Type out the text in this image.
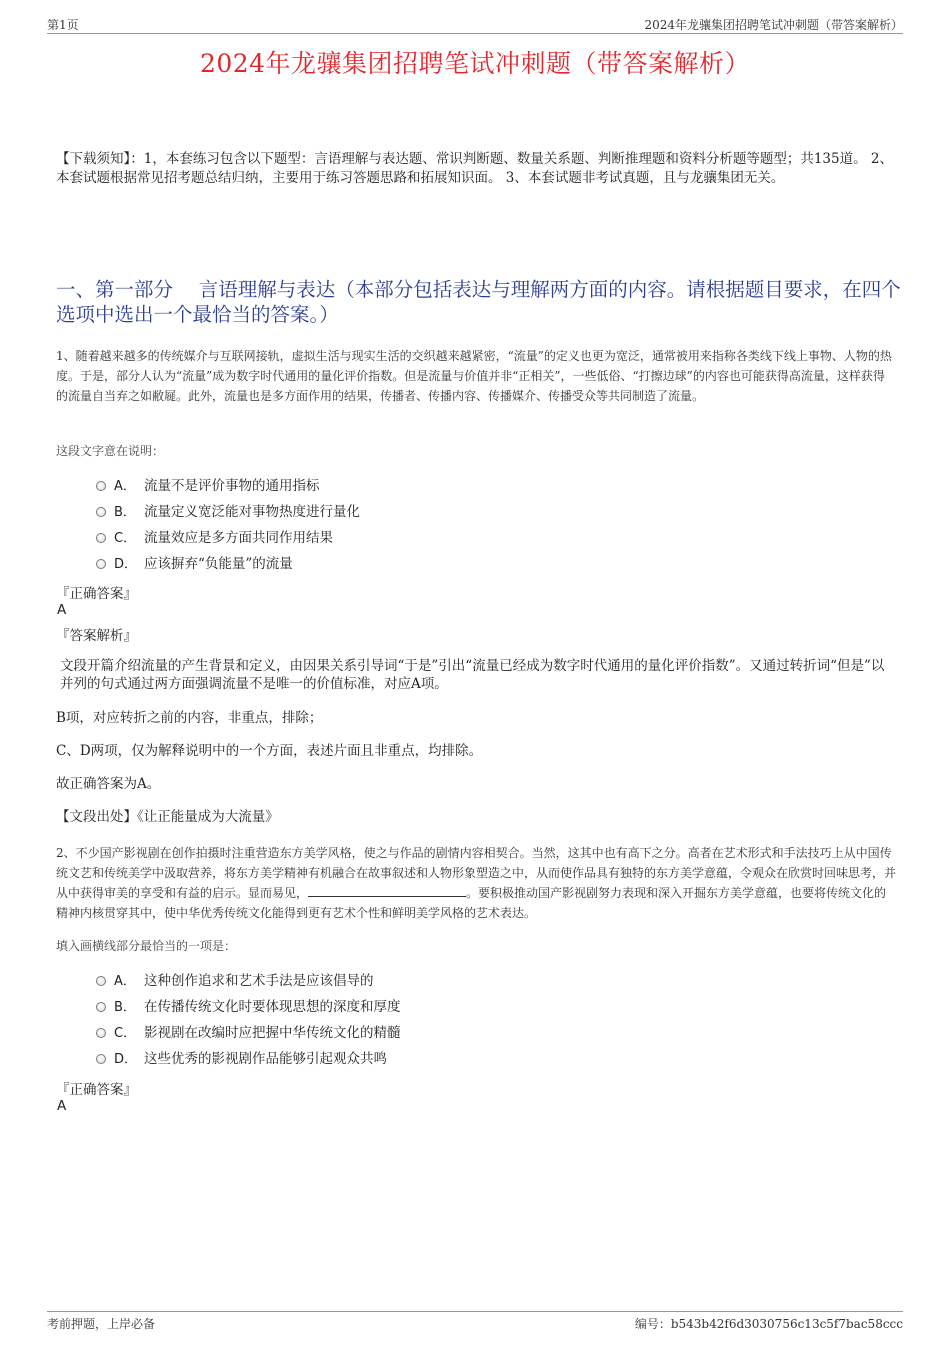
第1页	2024年龙骧集团招聘笔试冲刺题（带答案解析）
2024年龙骧集团招聘笔试冲刺题（带答案解析）
【下载须知】：1，本套练习包含以下题型：言语理解与表达题、常识判断题、数量关系题、判断推理题和资料分析题等题型；共135道。 2、本套试题根据常见招考题总结归纳，主要用于练习答题思路和拓展知识面。 3、本套试题非考试真题，且与龙骧集团无关。
一、第一部分　 言语理解与表达（本部分包括表达与理解两方面的内容。请根据题目要求，在四个选项中选出一个最恰当的答案。）
1、随着越来越多的传统媒介与互联网接轨，虚拟生活与现实生活的交织越来越紧密，“流量”的定义也更为宽泛，通常被用来指称各类线下线上事物、人物的热度。于是，部分人认为“流量”成为数字时代通用的量化评价指数。但是流量与价值并非“正相关”，一些低俗、“打擦边球”的内容也可能获得高流量，这样获得的流量自当弃之如敝屣。此外，流量也是多方面作用的结果，传播者、传播内容、传播媒介、传播受众等共同制造了流量。
这段文字意在说明：
A． 流量不是评价事物的通用指标
B． 流量定义宽泛能对事物热度进行量化
C． 流量效应是多方面共同作用结果
D． 应该摒弃“负能量”的流量
『正确答案』
A
『答案解析』
文段开篇介绍流量的产生背景和定义，由因果关系引导词“于是”引出“流量已经成为数字时代通用的量化评价指数”。又通过转折词“但是”以并列的句式通过两方面强调流量不是唯一的价值标准，对应A项。
B项，对应转折之前的内容，非重点，排除；
C、D两项，仅为解释说明中的一个方面，表述片面且非重点，均排除。
故正确答案为A。
【文段出处】《让正能量成为大流量》
2、不少国产影视剧在创作拍摄时注重营造东方美学风格，使之与作品的剧情内容相契合。当然，这其中也有高下之分。高者在艺术形式和手法技巧上从中国传统文艺和传统美学中汲取营养，将东方美学精神有机融合在故事叙述和人物形象塑造之中，从而使作品具有独特的东方美学意蕴，令观众在欣赏时回味思考，并从中获得审美的享受和有益的启示。显而易见，	。要积极推动国产影视剧努力表现和深入开掘东方美学意蕴，也要将传统文化的精神内核贯穿其中，使中华优秀传统文化能得到更有艺术个性和鲜明美学风格的艺术表达。
填入画横线部分最恰当的一项是：
A． 这种创作追求和艺术手法是应该倡导的
B． 在传播传统文化时要体现思想的深度和厚度
C． 影视剧在改编时应把握中华传统文化的精髓
D． 这些优秀的影视剧作品能够引起观众共鸣
『正确答案』
A
考前押题，上岸必备	编号：b543b42f6d3030756c13c5f7bac58ccc
